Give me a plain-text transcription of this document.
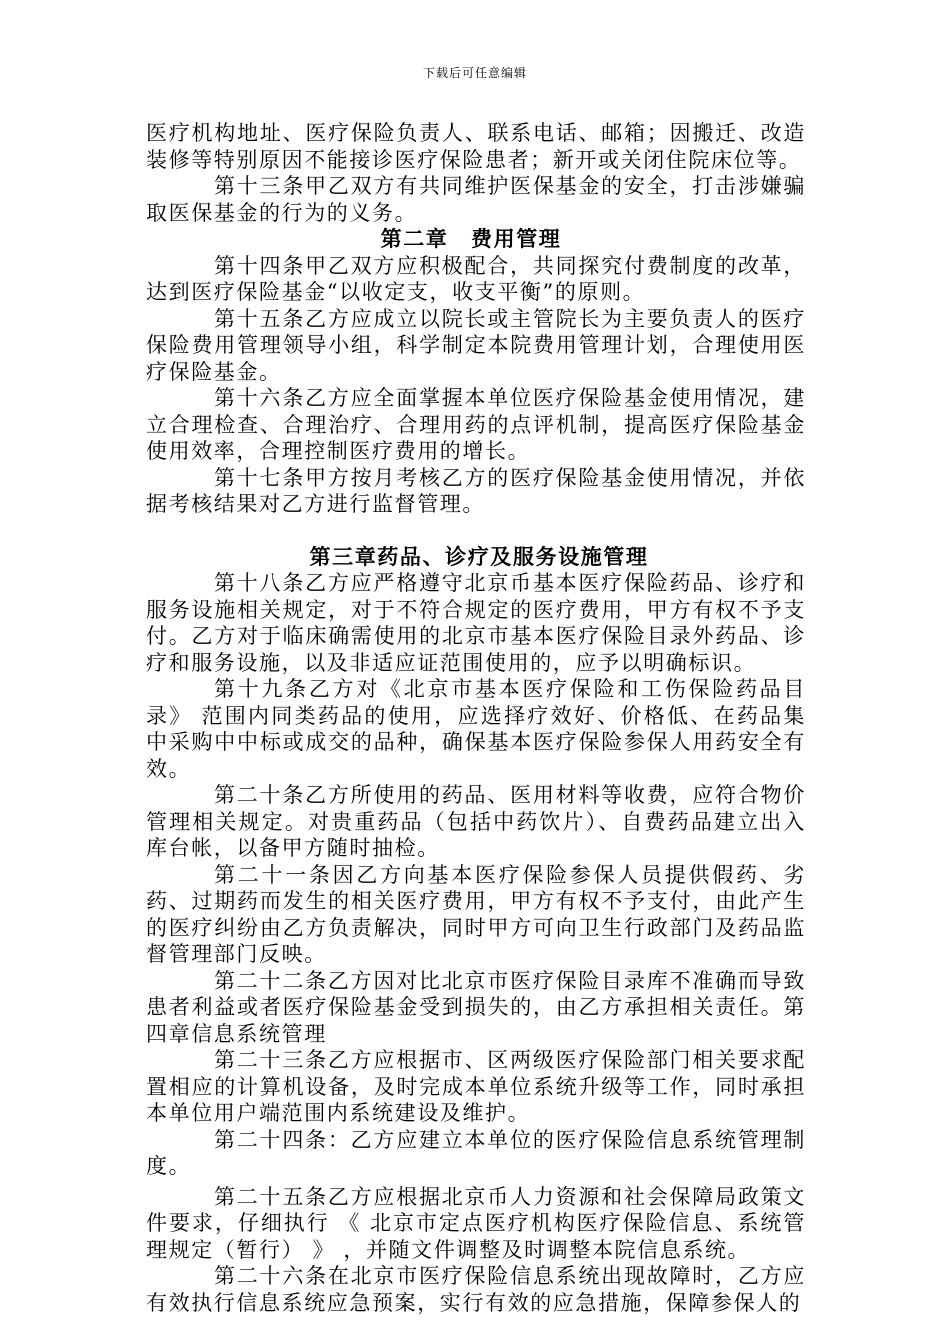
下载后可任意编辑

医疗机构地址、医疗保险负责人、联系电话、邮箱；因搬迁、改造装修等特别原因不能接诊医疗保险患者；新开或关闭住院床位等。

第十三条甲乙双方有共同维护医保基金的安全，打击涉嫌骗取医保基金的行为的义务。

第二章　费用管理

第十四条甲乙双方应积极配合，共同探究付费制度的改革，达到医疗保险基金“以收定支，收支平衡”的原则。

第十五条乙方应成立以院长或主管院长为主要负责人的医疗保险费用管理领导小组，科学制定本院费用管理计划，合理使用医疗保险基金。

第十六条乙方应全面掌握本单位医疗保险基金使用情况，建立合理检查、合理治疗、合理用药的点评机制，提高医疗保险基金使用效率，合理控制医疗费用的增长。

第十七条甲方按月考核乙方的医疗保险基金使用情况，并依据考核结果对乙方进行监督管理。

第三章药品、诊疗及服务设施管理

第十八条乙方应严格遵守北京币基本医疗保险药品、诊疗和服务设施相关规定，对于不符合规定的医疗费用，甲方有权不予支付。乙方对于临床确需使用的北京市基本医疗保险目录外药品、诊疗和服务设施，以及非适应证范围使用的，应予以明确标识。

第十九条乙方对《北京市基本医疗保险和工伤保险药品目录》 范围内同类药品的使用，应选择疗效好、价格低、在药品集中采购中中标或成交的品种，确保基本医疗保险参保人用药安全有效。

第二十条乙方所使用的药品、医用材料等收费，应符合物价管理相关规定。对贵重药品（包括中药饮片）、自费药品建立出入库台帐，以备甲方随时抽检。

第二十一条因乙方向基本医疗保险参保人员提供假药、劣药、过期药而发生的相关医疗费用，甲方有权不予支付，由此产生的医疗纠纷由乙方负责解决，同时甲方可向卫生行政部门及药品监督管理部门反映。

第二十二条乙方因对比北京市医疗保险目录库不准确而导致患者利益或者医疗保险基金受到损失的，由乙方承担相关责任。第四章信息系统管理

第二十三条乙方应根据市、区两级医疗保险部门相关要求配置相应的计算机设备，及时完成本单位系统升级等工作，同时承担本单位用户端范围内系统建设及维护。

第二十四条：乙方应建立本单位的医疗保险信息系统管理制度。

第二十五条乙方应根据北京币人力资源和社会保障局政策文件要求，仔细执行 《 北京市定点医疗机构医疗保险信息、系统管理规定（暂行） 》 ，并随文件调整及时调整本院信息系统。

第二十六条在北京市医疗保险信息系统出现故障时，乙方应有效执行信息系统应急预案，实行有效的应急措施，保障参保人的
